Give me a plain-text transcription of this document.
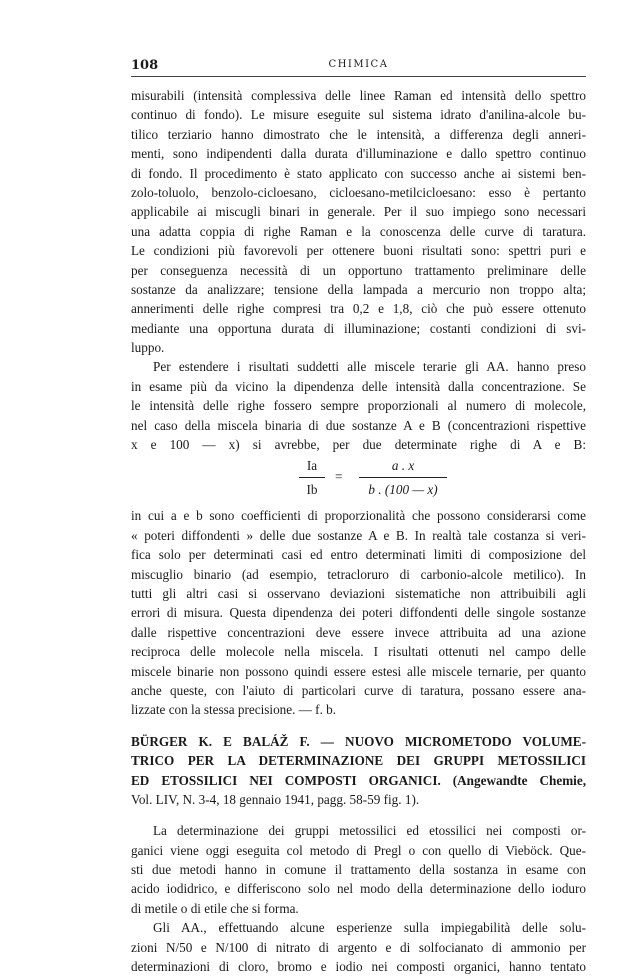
108	CHIMICA
misurabili (intensità complessiva delle linee Raman ed intensità dello spettro
continuo di fondo). Le misure eseguite sul sistema idrato d'anilina-alcole bu-
tilico terziario hanno dimostrato che le intensità, a differenza degli anneri-
menti, sono indipendenti dalla durata d'illuminazione e dallo spettro continuo
di fondo. Il procedimento è stato applicato con successo anche ai sistemi ben-
zolo-toluolo, benzolo-cicloesano, cicloesano-metilcicloesano: esso è pertanto
applicabile ai miscugli binari in generale. Per il suo impiego sono necessari
una adatta coppia di righe Raman e la conoscenza delle curve di taratura.
Le condizioni più favorevoli per ottenere buoni risultati sono: spettri puri e
per conseguenza necessità di un opportuno trattamento preliminare delle
sostanze da analizzare; tensione della lampada a mercurio non troppo alta;
annerimenti delle righe compresi tra 0,2 e 1,8, ciò che può essere ottenuto
mediante una opportuna durata di illuminazione; costanti condizioni di svi-
luppo.
Per estendere i risultati suddetti alle miscele terarie gli AA. hanno preso
in esame più da vicino la dipendenza delle intensità dalla concentrazione. Se
le intensità delle righe fossero sempre proporzionali al numero di molecole,
nel caso della miscela binaria di due sostanze A e B (concentrazioni rispettive
x e 100 — x) si avrebbe, per due determinate righe di A e B:
Ia
Ib
=
a . x
b . (100 — x)
in cui a e b sono coefficienti di proporzionalità che possono considerarsi come
« poteri diffondenti » delle due sostanze A e B. In realtà tale costanza si veri-
fica solo per determinati casi ed entro determinati limiti di composizione del
miscuglio binario (ad esempio, tetracloruro di carbonio-alcole metilico). In
tutti gli altri casi si osservano deviazioni sistematiche non attribuibili agli
errori di misura. Questa dipendenza dei poteri diffondenti delle singole sostanze
dalle rispettive concentrazioni deve essere invece attribuita ad una azione
reciproca delle molecole nella miscela. I risultati ottenuti nel campo delle
miscele binarie non possono quindi essere estesi alle miscele ternarie, per quanto
anche queste, con l'aiuto di particolari curve di taratura, possano essere ana-
lizzate con la stessa precisione. — f. b.
BÜRGER K. E BALÁŽ F. — NUOVO MICROMETODO VOLUME-
TRICO PER LA DETERMINAZIONE DEI GRUPPI METOSSILICI
ED ETOSSILICI NEI COMPOSTI ORGANICI. (Angewandte Chemie,
Vol. LIV, N. 3-4, 18 gennaio 1941, pagg. 58-59 fig. 1).
La determinazione dei gruppi metossilici ed etossilici nei composti or-
ganici viene oggi eseguita col metodo di Pregl o con quello di Vieböck. Que-
sti due metodi hanno in comune il trattamento della sostanza in esame con
acido iodidrico, e differiscono solo nel modo della determinazione dello ioduro
di metile o di etile che si forma.
Gli AA., effettuando alcune esperienze sulla impiegabilità delle solu-
zioni N/50 e N/100 di nitrato di argento e di solfocianato di ammonio per
determinazioni di cloro, bromo e iodio nei composti organici, hanno tentato
